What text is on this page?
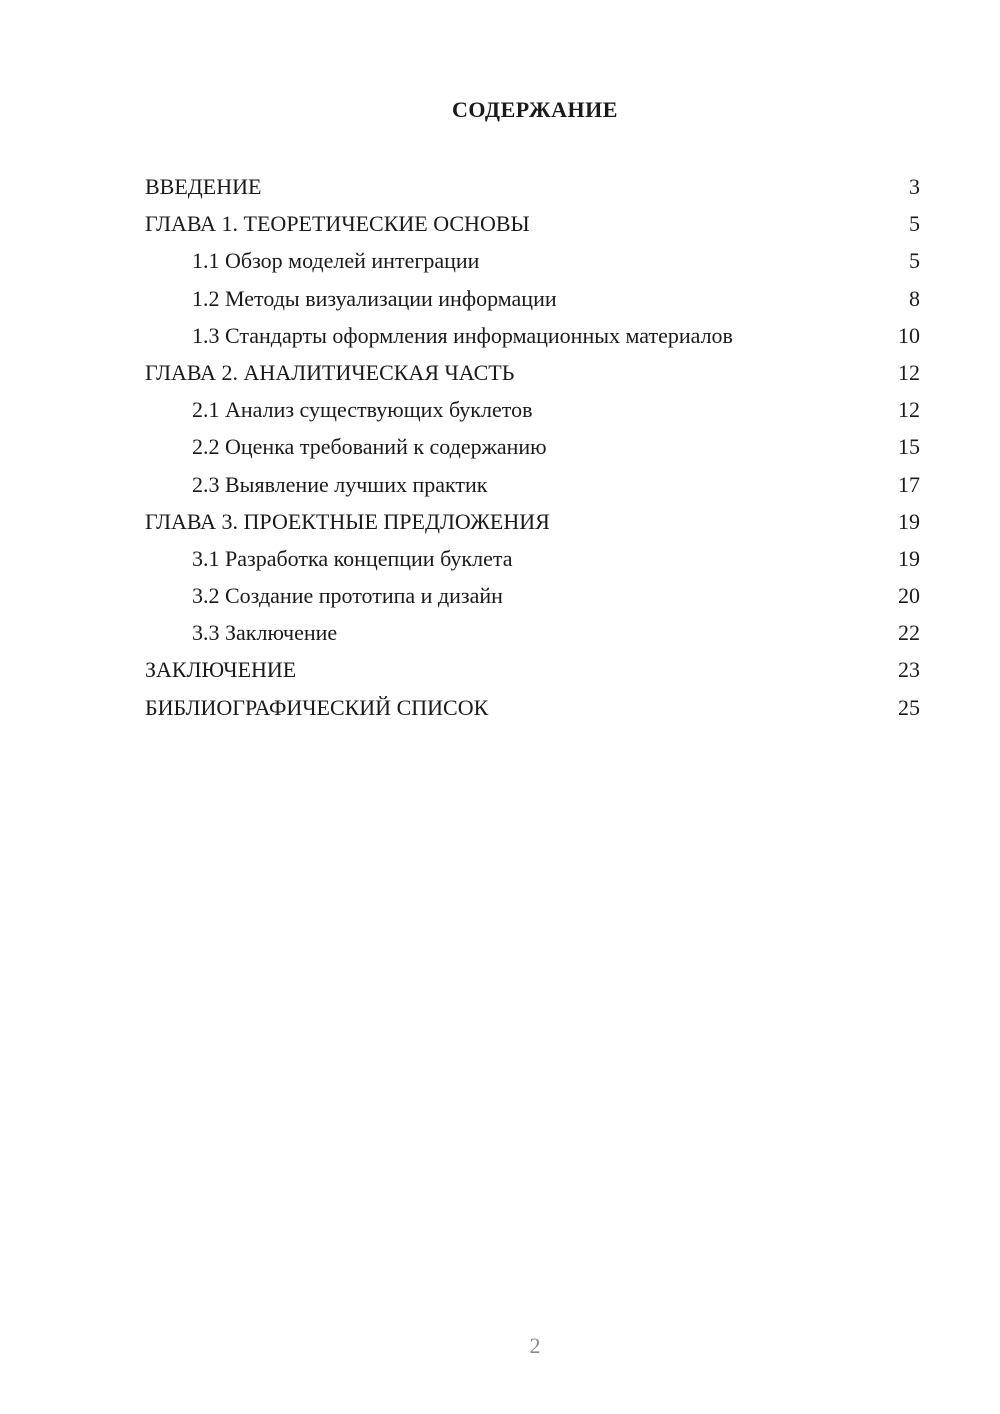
СОДЕРЖАНИЕ
ВВЕДЕНИЕ	3
ГЛАВА 1. ТЕОРЕТИЧЕСКИЕ ОСНОВЫ	5
1.1 Обзор моделей интеграции	5
1.2 Методы визуализации информации	8
1.3 Стандарты оформления информационных материалов	10
ГЛАВА 2. АНАЛИТИЧЕСКАЯ ЧАСТЬ	12
2.1 Анализ существующих буклетов	12
2.2 Оценка требований к содержанию	15
2.3 Выявление лучших практик	17
ГЛАВА 3. ПРОЕКТНЫЕ ПРЕДЛОЖЕНИЯ	19
3.1 Разработка концепции буклета	19
3.2 Создание прототипа и дизайн	20
3.3 Заключение	22
ЗАКЛЮЧЕНИЕ	23
БИБЛИОГРАФИЧЕСКИЙ СПИСОК	25
2
